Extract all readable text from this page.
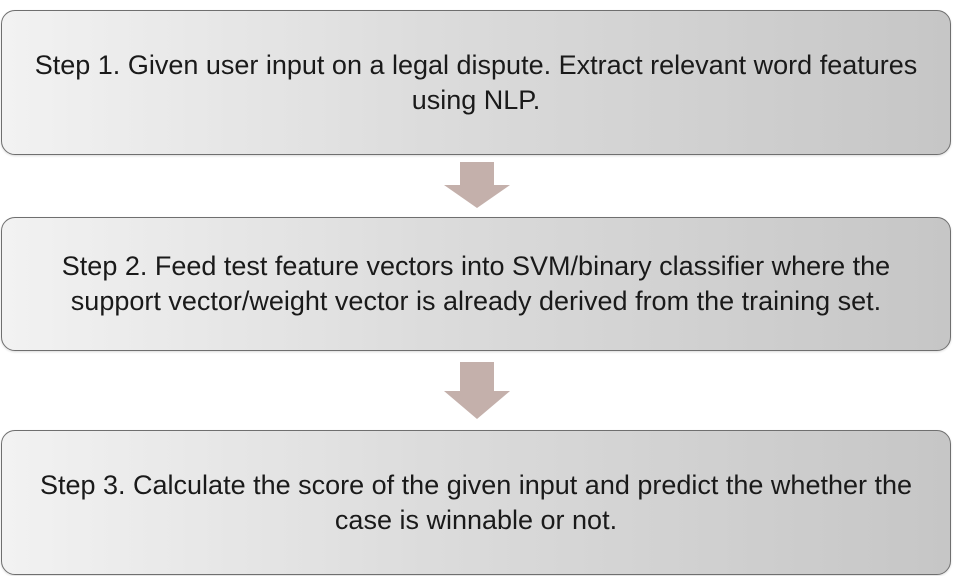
Step 1. Given user input on a legal dispute. Extract relevant word features using NLP.
Step 2. Feed test feature vectors into SVM/binary classifier where the support vector/weight vector is already derived from the training set.
Step 3. Calculate the score of the given input and predict the whether the case is winnable or not.
